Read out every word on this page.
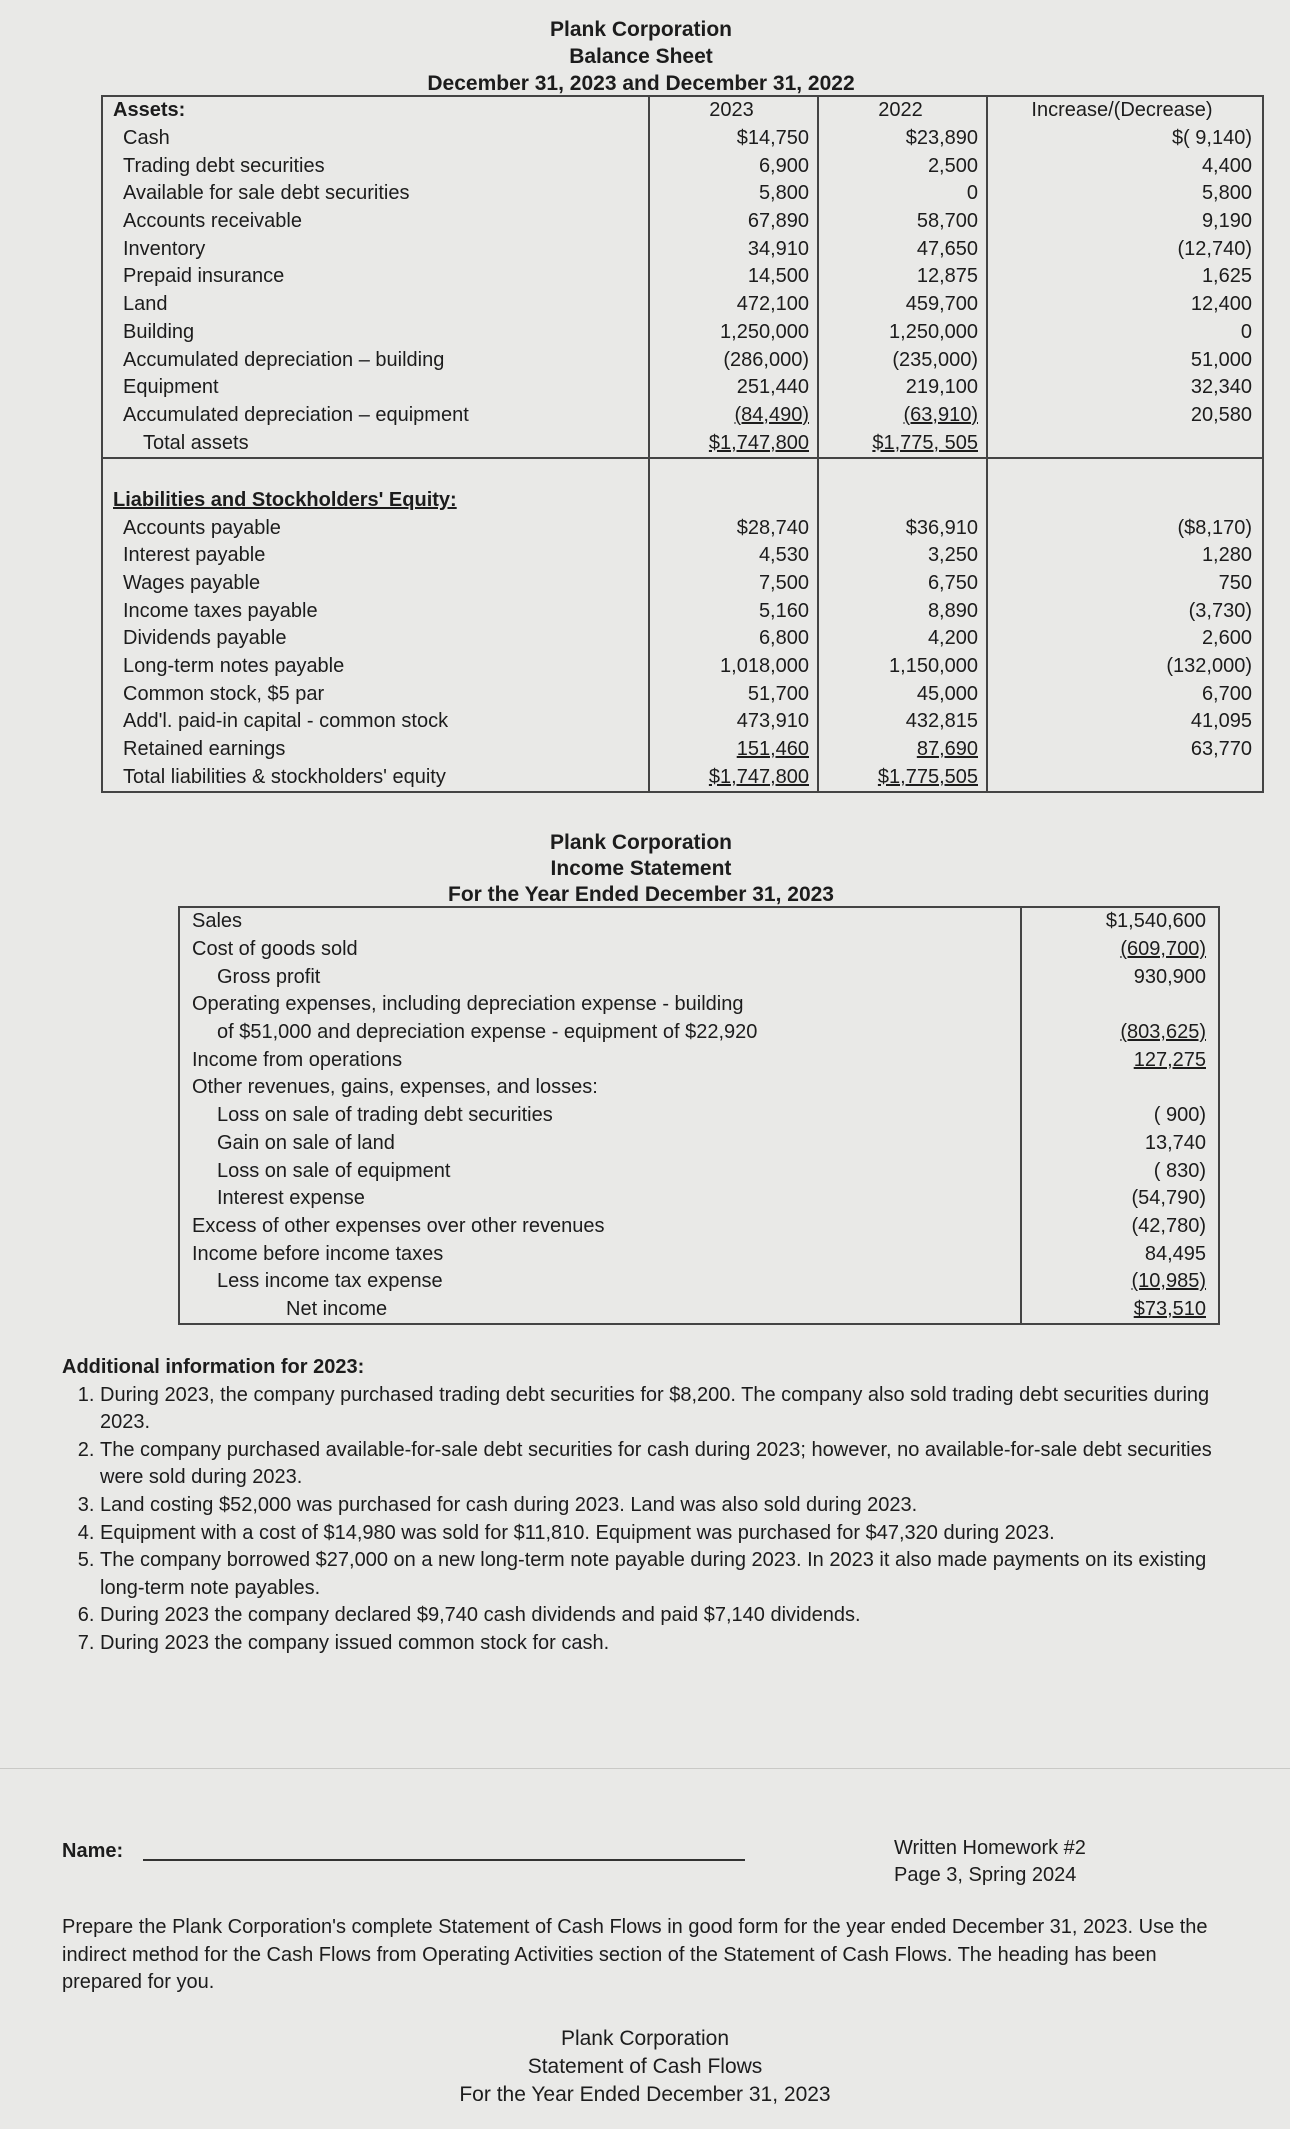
Plank Corporation
Balance Sheet
December 31, 2023 and December 31, 2022
Assets:	2023	2022	Increase/(Decrease)
Cash	$14,750	$23,890	$( 9,140)
Trading debt securities	6,900	2,500	4,400
Available for sale debt securities	5,800	0	5,800
Accounts receivable	67,890	58,700	9,190
Inventory	34,910	47,650	(12,740)
Prepaid insurance	14,500	12,875	1,625
Land	472,100	459,700	12,400
Building	1,250,000	1,250,000	0
Accumulated depreciation – building	(286,000)	(235,000)	51,000
Equipment	251,440	219,100	32,340
Accumulated depreciation – equipment	(84,490)	(63,910)	20,580
Total assets	$1,747,800	$1,775, 505	

Liabilities and Stockholders' Equity:			
Accounts payable	$28,740	$36,910	($8,170)
Interest payable	4,530	3,250	1,280
Wages payable	7,500	6,750	750
Income taxes payable	5,160	8,890	(3,730)
Dividends payable	6,800	4,200	2,600
Long-term notes payable	1,018,000	1,150,000	(132,000)
Common stock, $5 par	51,700	45,000	6,700
Add'l. paid-in capital - common stock	473,910	432,815	41,095
Retained earnings	151,460	87,690	63,770
Total liabilities & stockholders' equity	$1,747,800	$1,775,505	
Plank Corporation
Income Statement
For the Year Ended December 31, 2023
Sales	$1,540,600
Cost of goods sold	(609,700)
Gross profit	930,900
Operating expenses, including depreciation expense - building	
of $51,000 and depreciation expense - equipment of $22,920	(803,625)
Income from operations	127,275
Other revenues, gains, expenses, and losses:	
Loss on sale of trading debt securities	( 900)
Gain on sale of land	13,740
Loss on sale of equipment	( 830)
Interest expense	(54,790)
Excess of other expenses over other revenues	(42,780)
Income before income taxes	84,495
Less income tax expense	(10,985)
Net income	$73,510
Additional information for 2023:
1. During 2023, the company purchased trading debt securities for $8,200. The company also sold trading debt securities during 2023.
2. The company purchased available-for-sale debt securities for cash during 2023; however, no available-for-sale debt securities were sold during 2023.
3. Land costing $52,000 was purchased for cash during 2023. Land was also sold during 2023.
4. Equipment with a cost of $14,980 was sold for $11,810. Equipment was purchased for $47,320 during 2023.
5. The company borrowed $27,000 on a new long-term note payable during 2023. In 2023 it also made payments on its existing long-term note payables.
6. During 2023 the company declared $9,740 cash dividends and paid $7,140 dividends.
7. During 2023 the company issued common stock for cash.
Name:	Written Homework #2
Page 3, Spring 2024
Prepare the Plank Corporation's complete Statement of Cash Flows in good form for the year ended December 31, 2023. Use the indirect method for the Cash Flows from Operating Activities section of the Statement of Cash Flows. The heading has been prepared for you.
Plank Corporation
Statement of Cash Flows
For the Year Ended December 31, 2023
